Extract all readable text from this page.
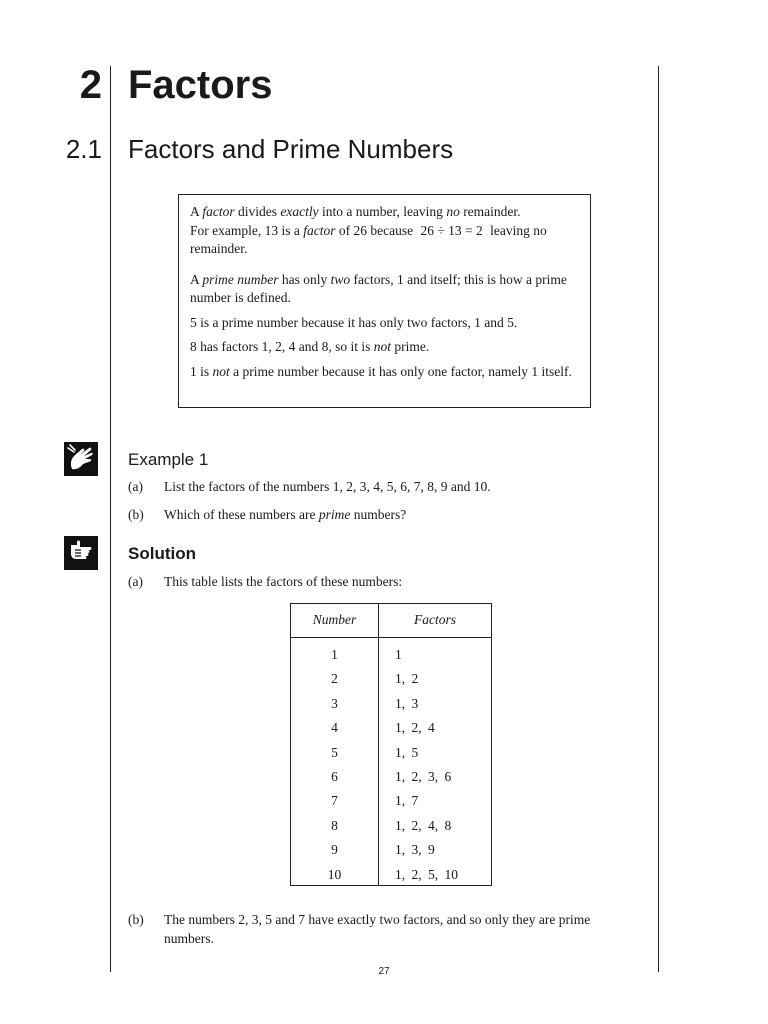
2 Factors
2.1 Factors and Prime Numbers

A factor divides exactly into a number, leaving no remainder.
For example, 13 is a factor of 26 because 26 ÷ 13 = 2 leaving no remainder.

A prime number has only two factors, 1 and itself; this is how a prime number is defined.

5 is a prime number because it has only two factors, 1 and 5.

8 has factors 1, 2, 4 and 8, so it is not prime.

1 is not a prime number because it has only one factor, namely 1 itself.

Example 1
(a)	List the factors of the numbers 1, 2, 3, 4, 5, 6, 7, 8, 9 and 10.
(b)	Which of these numbers are prime numbers?
Solution
(a)	This table lists the factors of these numbers:
Number	Factors
1	1
2	1, 2
3	1, 3
4	1, 2, 4
5	1, 5
6	1, 2, 3, 6
7	1, 7
8	1, 2, 4, 8
9	1, 3, 9
10	1, 2, 5, 10
(b)	The numbers 2, 3, 5 and 7 have exactly two factors, and so only they are prime numbers.
27
